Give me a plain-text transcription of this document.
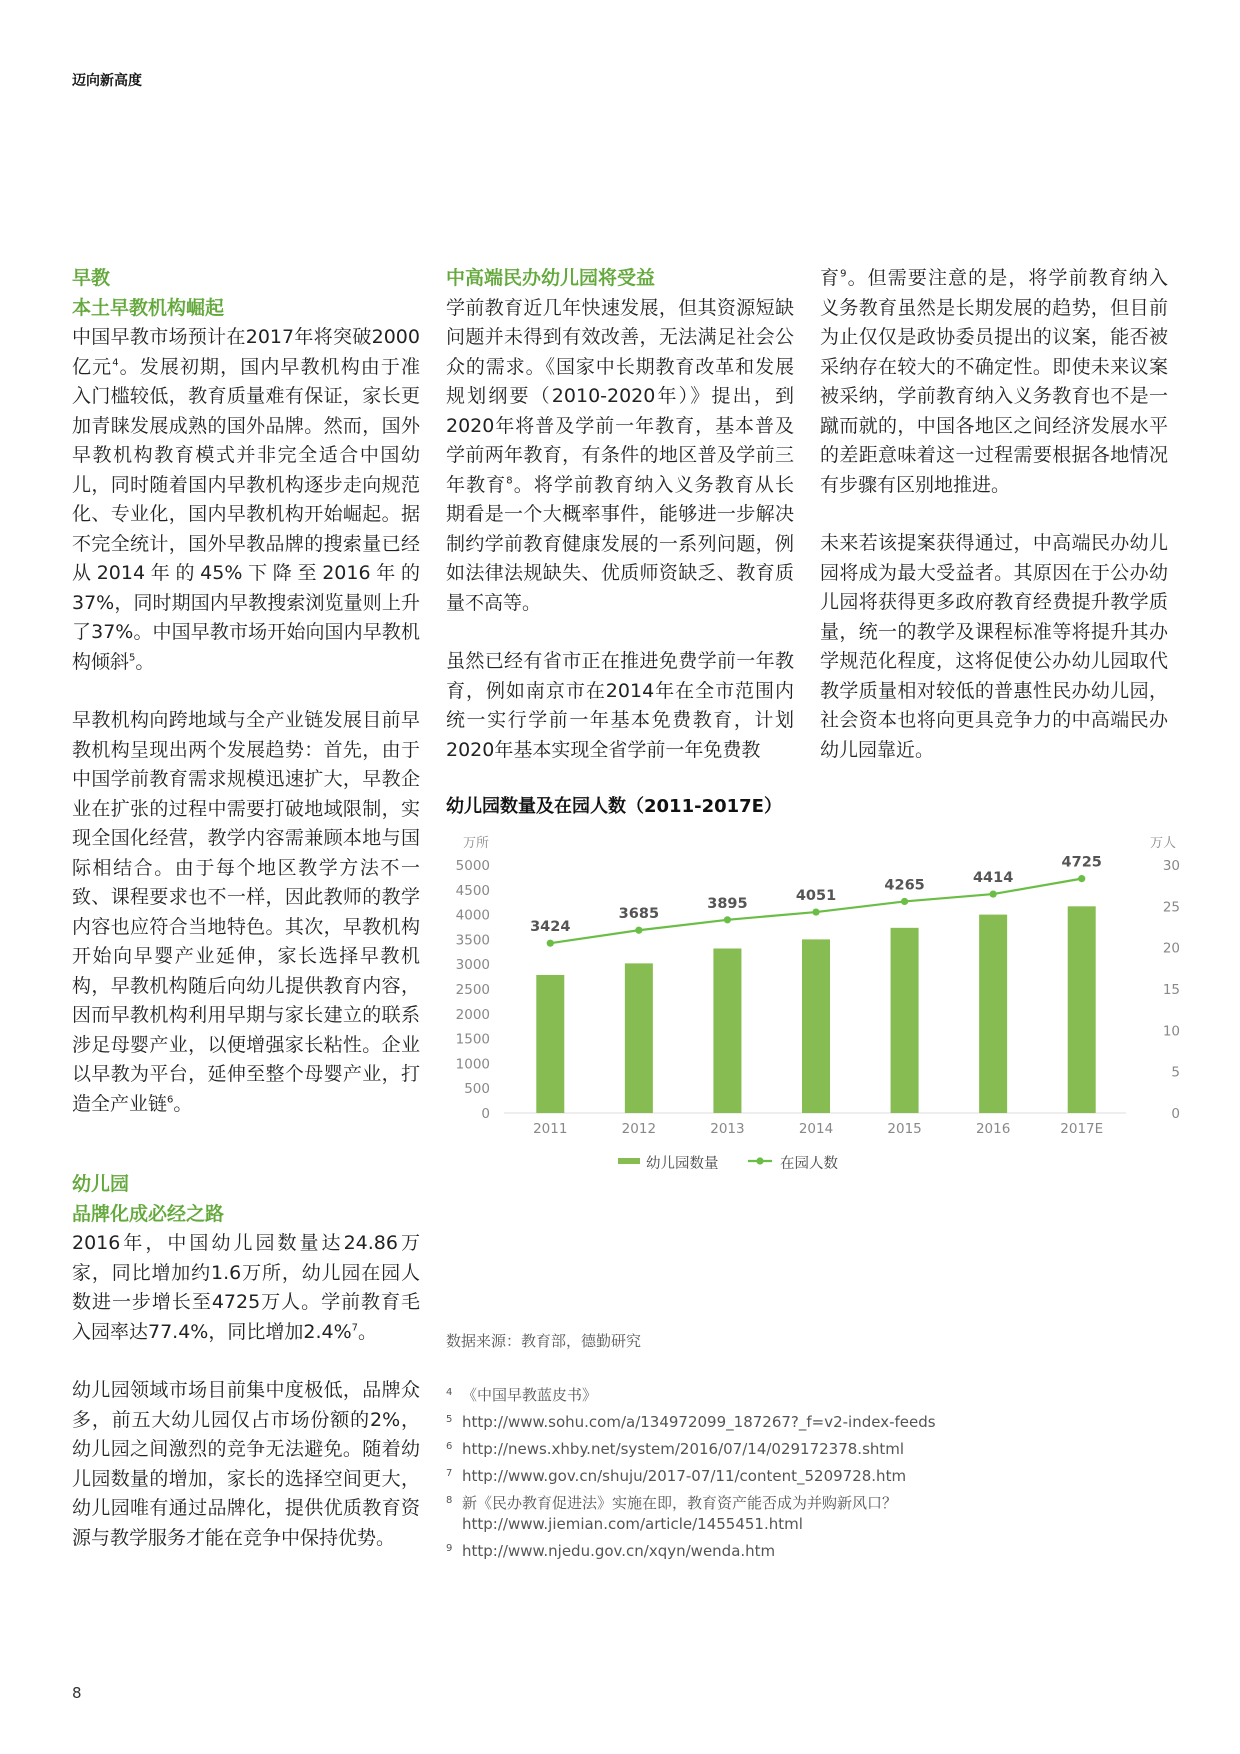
迈向新高度
早教
本土早教机构崛起

中国早教市场预计在2017年将突破2000亿元$^4$。发展初期，国内早教机构由于准入门槛较低，教育质量难有保证，家长更加青睐发展成熟的国外品牌。然而，国外早教机构教育模式并非完全适合中国幼儿，同时随着国内早教机构逐步走向规范化、专业化，国内早教机构开始崛起。据不完全统计，国外早教品牌的搜索量已经从2014年的45%下降至2016年的37%，同时期国内早教搜索浏览量则上升了37%。中国早教市场开始向国内早教机构倾斜$^5$。

早教机构向跨地域与全产业链发展目前早教机构呈现出两个发展趋势：首先，由于中国学前教育需求规模迅速扩大，早教企业在扩张的过程中需要打破地域限制，实现全国化经营，教学内容需兼顾本地与国际相结合。由于每个地区教学方法不一致、课程要求也不一样，因此教师的教学内容也应符合当地特色。其次，早教机构开始向早婴产业延伸，家长选择早教机构，早教机构随后向幼儿提供教育内容，因而早教机构利用早期与家长建立的联系涉足母婴产业，以便增强家长粘性。企业以早教为平台，延伸至整个母婴产业，打造全产业链$^6$。

幼儿园
品牌化成必经之路

2016年，中国幼儿园数量达24.86万家，同比增加约1.6万所，幼儿园在园人数进一步增长至4725万人。学前教育毛入园率达77.4%，同比增加2.4%$^7$。

幼儿园领域市场目前集中度极低，品牌众多，前五大幼儿园仅占市场份额的2%，幼儿园之间激烈的竞争无法避免。随着幼儿园数量的增加，家长的选择空间更大，幼儿园唯有通过品牌化，提供优质教育资源与教学服务才能在竞争中保持优势。

中高端民办幼儿园将受益

学前教育近几年快速发展，但其资源短缺问题并未得到有效改善，无法满足社会公众的需求。《国家中长期教育改革和发展规划纲要（2010-2020年）》提出，到2020年将普及学前一年教育，基本普及学前两年教育，有条件的地区普及学前三年教育$^8$。将学前教育纳入义务教育从长期看是一个大概率事件，能够进一步解决制约学前教育健康发展的一系列问题，例如法律法规缺失、优质师资缺乏、教育质量不高等。

虽然已经有省市正在推进免费学前一年教育，例如南京市在2014年在全市范围内统一实行学前一年基本免费教育，计划2020年基本实现全省学前一年免费教

育$^9$。但需要注意的是，将学前教育纳入义务教育虽然是长期发展的趋势，但目前为止仅仅是政协委员提出的议案，能否被采纳存在较大的不确定性。即使未来议案被采纳，学前教育纳入义务教育也不是一蹴而就的，中国各地区之间经济发展水平的差距意味着这一过程需要根据各地情况有步骤有区别地推进。

未来若该提案获得通过，中高端民办幼儿园将成为最大受益者。其原因在于公办幼儿园将获得更多政府教育经费提升教学质量，统一的教学及课程标准等将提升其办学规范化程度，这将促使公办幼儿园取代教学质量相对较低的普惠性民办幼儿园，社会资本也将向更具竞争力的中高端民办幼儿园靠近。

幼儿园数量及在园人数（2011-2017E）
万所	万人
0
500
1000
1500
2000
2500
3000
3500
4000
4500
5000
0
5
10
15
20
25
30
2011	2012	2013	2014	2015	2016	2017E
3424
3685
3895	4051
4265	4414
4725
幼儿园数量	在园人数
数据来源：教育部，德勤研究
4 《中国早教蓝皮书》
5 http://www.sohu.com/a/134972099_187267?_f=v2-index-feeds
6 http://news.xhby.net/system/2016/07/14/029172378.shtml
7 http://www.gov.cn/shuju/2017-07/11/content_5209728.htm
8 新《民办教育促进法》实施在即，教育资产能否成为并购新风口？http://www.jiemian.com/article/1455451.html
9 http://www.njedu.gov.cn/xqyn/wenda.htm
8
